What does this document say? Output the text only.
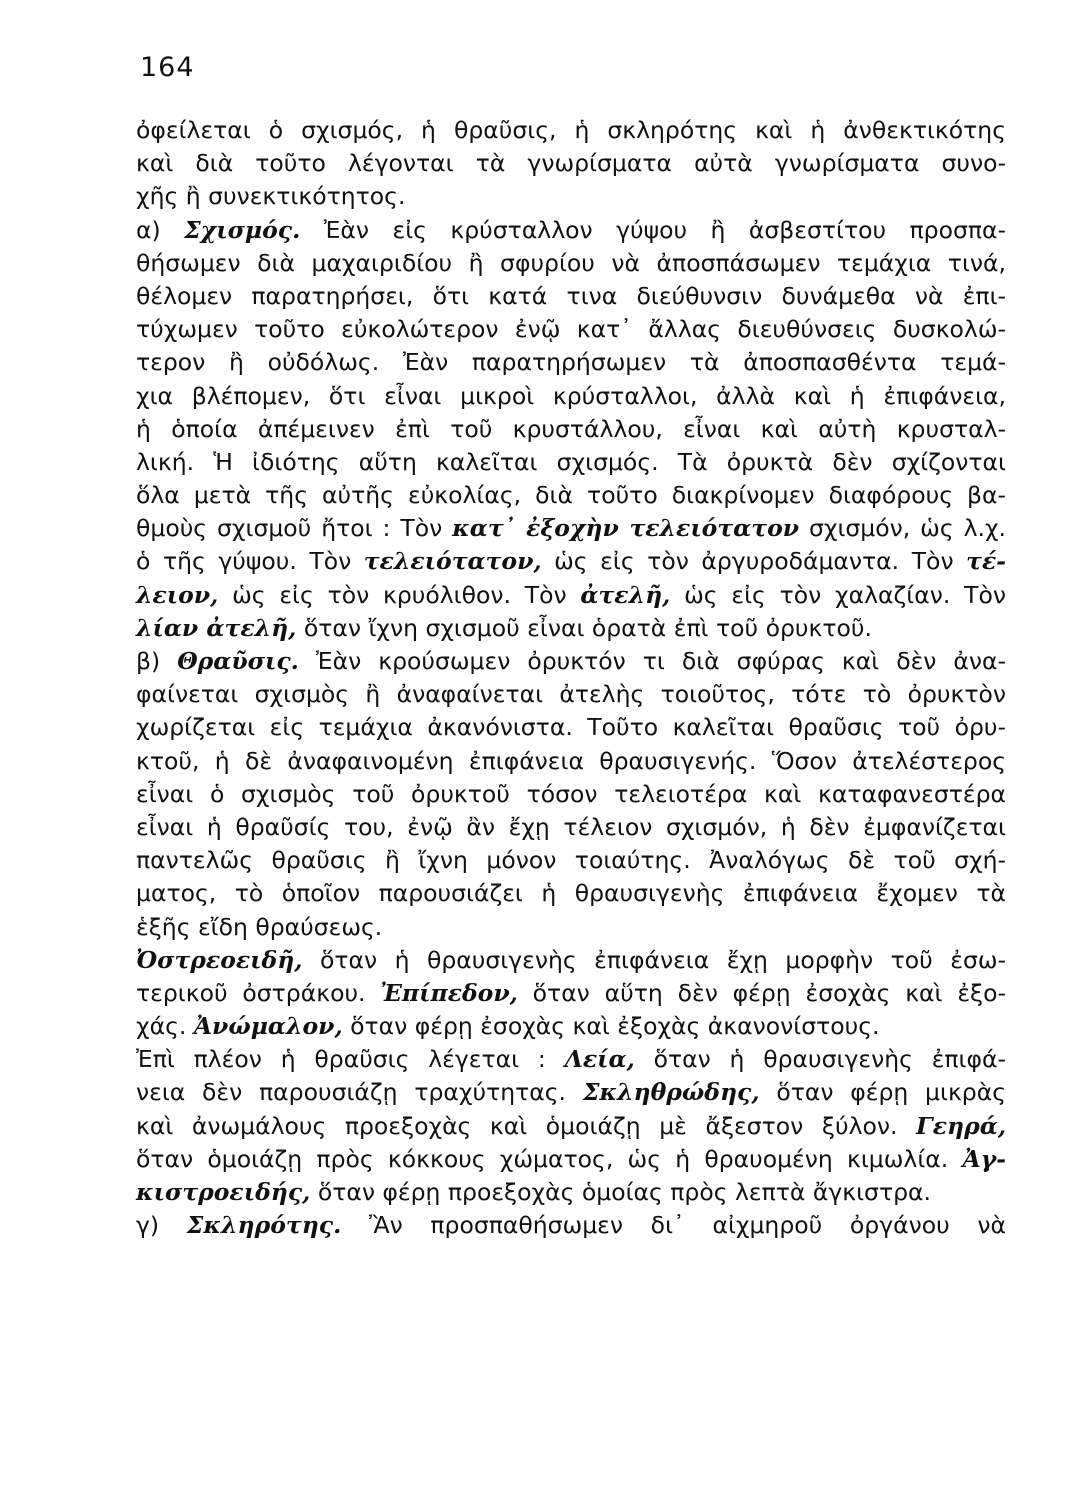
164
ὀφείλεται ὁ σχισμός, ἡ θραῦσις, ἡ σκληρότης καὶ ἡ ἀνθεκτικότης
καὶ διὰ τοῦτο λέγονται τὰ γνωρίσματα αὐτὰ γνωρίσματα συνο-
χῆς ἢ συνεκτικότητος.
α) Σχισμός. Ἐὰν εἰς κρύσταλλον γύψου ἢ ἀσβεστίτου προσπα-
θήσωμεν διὰ μαχαιριδίου ἢ σφυρίου νὰ ἀποσπάσωμεν τεμάχια τινά,
θέλομεν παρατηρήσει, ὅτι κατά τινα διεύθυνσιν δυνάμεθα νὰ ἐπι-
τύχωμεν τοῦτο εὐκολώτερον ἐνῷ κατ᾽ ἄλλας διευθύνσεις δυσκολώ-
τερον ἢ οὐδόλως. Ἐὰν παρατηρήσωμεν τὰ ἀποσπασθέντα τεμά-
χια βλέπομεν, ὅτι εἶναι μικροὶ κρύσταλλοι, ἀλλὰ καὶ ἡ ἐπιφάνεια,
ἡ ὁποία ἀπέμεινεν ἐπὶ τοῦ κρυστάλλου, εἶναι καὶ αὐτὴ κρυσταλ-
λική. Ἡ ἰδιότης αὕτη καλεῖται σχισμός. Τὰ ὀρυκτὰ δὲν σχίζονται
ὅλα μετὰ τῆς αὐτῆς εὐκολίας, διὰ τοῦτο διακρίνομεν διαφόρους βα-
θμοὺς σχισμοῦ ἤτοι : Τὸν κατ᾽ ἐξοχὴν τελειότατον σχισμόν, ὡς λ.χ.
ὁ τῆς γύψου. Τὸν τελειότατον, ὡς εἰς τὸν ἀργυροδάμαντα. Τὸν τέ-
λειον, ὡς εἰς τὸν κρυόλιθον. Τὸν ἀτελῆ, ὡς εἰς τὸν χαλαζίαν. Τὸν
λίαν ἀτελῆ, ὅταν ἴχνη σχισμοῦ εἶναι ὁρατὰ ἐπὶ τοῦ ὀρυκτοῦ.
β) Θραῦσις. Ἐὰν κρούσωμεν ὀρυκτόν τι διὰ σφύρας καὶ δὲν ἀνα-
φαίνεται σχισμὸς ἢ ἀναφαίνεται ἀτελὴς τοιοῦτος, τότε τὸ ὀρυκτὸν
χωρίζεται εἰς τεμάχια ἀκανόνιστα. Τοῦτο καλεῖται θραῦσις τοῦ ὀρυ-
κτοῦ, ἡ δὲ ἀναφαινομένη ἐπιφάνεια θραυσιγενής. Ὅσον ἀτελέστερος
εἶναι ὁ σχισμὸς τοῦ ὀρυκτοῦ τόσον τελειοτέρα καὶ καταφανεστέρα
εἶναι ἡ θραῦσίς του, ἐνῷ ἂν ἔχῃ τέλειον σχισμόν, ἡ δὲν ἐμφανίζεται
παντελῶς θραῦσις ἢ ἴχνη μόνον τοιαύτης. Ἀναλόγως δὲ τοῦ σχή-
ματος, τὸ ὁποῖον παρουσιάζει ἡ θραυσιγενὴς ἐπιφάνεια ἔχομεν τὰ
ἑξῆς εἴδη θραύσεως.
Ὀστρεοειδῆ, ὅταν ἡ θραυσιγενὴς ἐπιφάνεια ἔχῃ μορφὴν τοῦ ἐσω-
τερικοῦ ὀστράκου. Ἐπίπεδον, ὅταν αὕτη δὲν φέρῃ ἐσοχὰς καὶ ἐξο-
χάς. Ἀνώμαλον, ὅταν φέρῃ ἐσοχὰς καὶ ἐξοχὰς ἀκανονίστους.
Ἐπὶ πλέον ἡ θραῦσις λέγεται : Λεία, ὅταν ἡ θραυσιγενὴς ἐπιφά-
νεια δὲν παρουσιάζῃ τραχύτητας. Σκληθρώδης, ὅταν φέρῃ μικρὰς
καὶ ἀνωμάλους προεξοχὰς καὶ ὁμοιάζῃ μὲ ἄξεστον ξύλον. Γεηρά,
ὅταν ὁμοιάζῃ πρὸς κόκκους χώματος, ὡς ἡ θραυομένη κιμωλία. Ἀγ-
κιστροειδής, ὅταν φέρῃ προεξοχὰς ὁμοίας πρὸς λεπτὰ ἄγκιστρα.
γ) Σκληρότης. Ἂν προσπαθήσωμεν δι᾽ αἰχμηροῦ ὀργάνου νὰ
